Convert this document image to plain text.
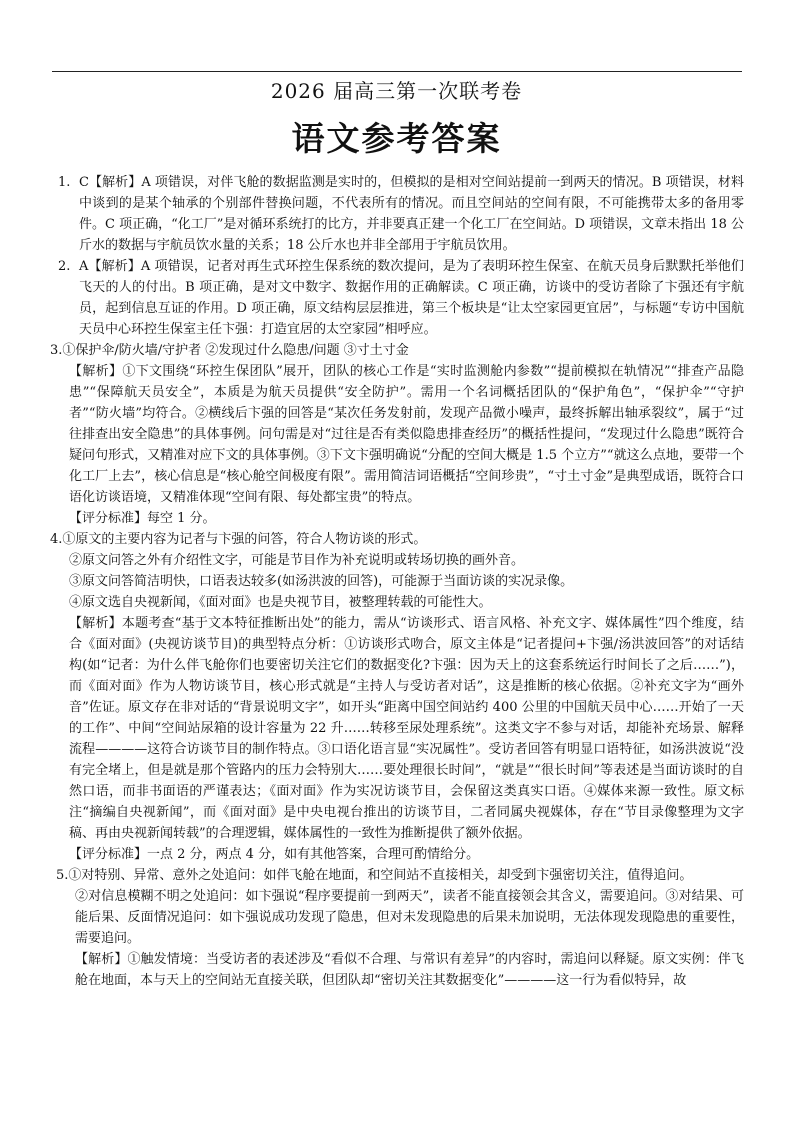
2026 届高三第一次联考卷
语文参考答案
1. C【解析】A 项错误，对伴飞舱的数据监测是实时的，但模拟的是相对空间站提前一到两天的情况。B 项错误，材料中谈到的是某个轴承的个别部件替换问题，不代表所有的情况。而且空间站的空间有限，不可能携带太多的备用零件。C 项正确，“化工厂”是对循环系统打的比方，并非要真正建一个化工厂在空间站。D 项错误，文章未指出 18 公斤水的数据与宇航员饮水量的关系；18 公斤水也并非全部用于宇航员饮用。

2. A【解析】A 项错误，记者对再生式环控生保系统的数次提问，是为了表明环控生保室、在航天员身后默默托举他们飞天的人的付出。B 项正确，是对文中数字、数据作用的正确解读。C 项正确，访谈中的受访者除了卞强还有宇航员，起到信息互证的作用。D 项正确，原文结构层层推进，第三个板块是“让太空家园更宜居”，与标题“专访中国航天员中心环控生保室主任卞强：打造宜居的太空家园”相呼应。

3.①保护伞/防火墙/守护者 ②发现过什么隐患/问题 ③寸土寸金

【解析】①下文围绕“环控生保团队”展开，团队的核心工作是“实时监测舱内参数”“提前模拟在轨情况”“排查产品隐患”“保障航天员安全”，本质是为航天员提供“安全防护”。需用一个名词概括团队的“保护角色”，“保护伞”“守护者”“防火墙”均符合。②横线后卞强的回答是“某次任务发射前，发现产品微小噪声，最终拆解出轴承裂纹”，属于“过往排查出安全隐患”的具体事例。问句需是对“过往是否有类似隐患排查经历”的概括性提问，“发现过什么隐患”既符合疑问句形式，又精准对应下文的具体事例。③下文卞强明确说“分配的空间大概是 1.5 个立方”“就这么点地，要带一个化工厂上去”，核心信息是“核心舱空间极度有限”。需用简洁词语概括“空间珍贵”，“寸土寸金”是典型成语，既符合口语化访谈语境，又精准体现“空间有限、每处都宝贵”的特点。

【评分标准】每空 1 分。

4.①原文的主要内容为记者与卞强的问答，符合人物访谈的形式。

②原文问答之外有介绍性文字，可能是节目作为补充说明或转场切换的画外音。

③原文问答简洁明快，口语表达较多(如汤洪波的回答)，可能源于当面访谈的实况录像。

④原文选自央视新闻，《面对面》也是央视节目，被整理转载的可能性大。

【解析】本题考查“基于文本特征推断出处”的能力，需从“访谈形式、语言风格、补充文字、媒体属性”四个维度，结合《面对面》(央视访谈节目)的典型特点分析：①访谈形式吻合，原文主体是“记者提问+卞强/汤洪波回答”的对话结构(如“记者：为什么伴飞舱你们也要密切关注它们的数据变化?卞强：因为天上的这套系统运行时间长了之后……”)，而《面对面》作为人物访谈节目，核心形式就是“主持人与受访者对话”，这是推断的核心依据。②补充文字为“画外音”佐证。原文存在非对话的“背景说明文字”，如开头“距离中国空间站约 400 公里的中国航天员中心……开始了一天的工作”、中间“空间站尿箱的设计容量为 22 升……转移至尿处理系统”。这类文字不参与对话，却能补充场景、解释流程————这符合访谈节目的制作特点。③口语化语言显“实况属性”。受访者回答有明显口语特征，如汤洪波说“没有完全堵上，但是就是那个管路内的压力会特别大……要处理很长时间”，“就是”“很长时间”等表述是当面访谈时的自然口语，而非书面语的严谨表达；《面对面》作为实况访谈节目，会保留这类真实口语。④媒体来源一致性。原文标注“摘编自央视新闻”，而《面对面》是中央电视台推出的访谈节目，二者同属央视媒体，存在“节目录像整理为文字稿、再由央视新闻转载”的合理逻辑，媒体属性的一致性为推断提供了额外依据。

【评分标准】一点 2 分，两点 4 分，如有其他答案，合理可酌情给分。

5.①对特别、异常、意外之处追问：如伴飞舱在地面，和空间站不直接相关，却受到卞强密切关注，值得追问。

②对信息模糊不明之处追问：如卞强说“程序要提前一到两天”，读者不能直接领会其含义，需要追问。③对结果、可能后果、反面情况追问：如卞强说成功发现了隐患，但对未发现隐患的后果未加说明，无法体现发现隐患的重要性，需要追问。

【解析】①触发情境：当受访者的表述涉及“看似不合理、与常识有差异”的内容时，需追问以释疑。原文实例：伴飞舱在地面，本与天上的空间站无直接关联，但团队却“密切关注其数据变化”————这一行为看似特异，故
